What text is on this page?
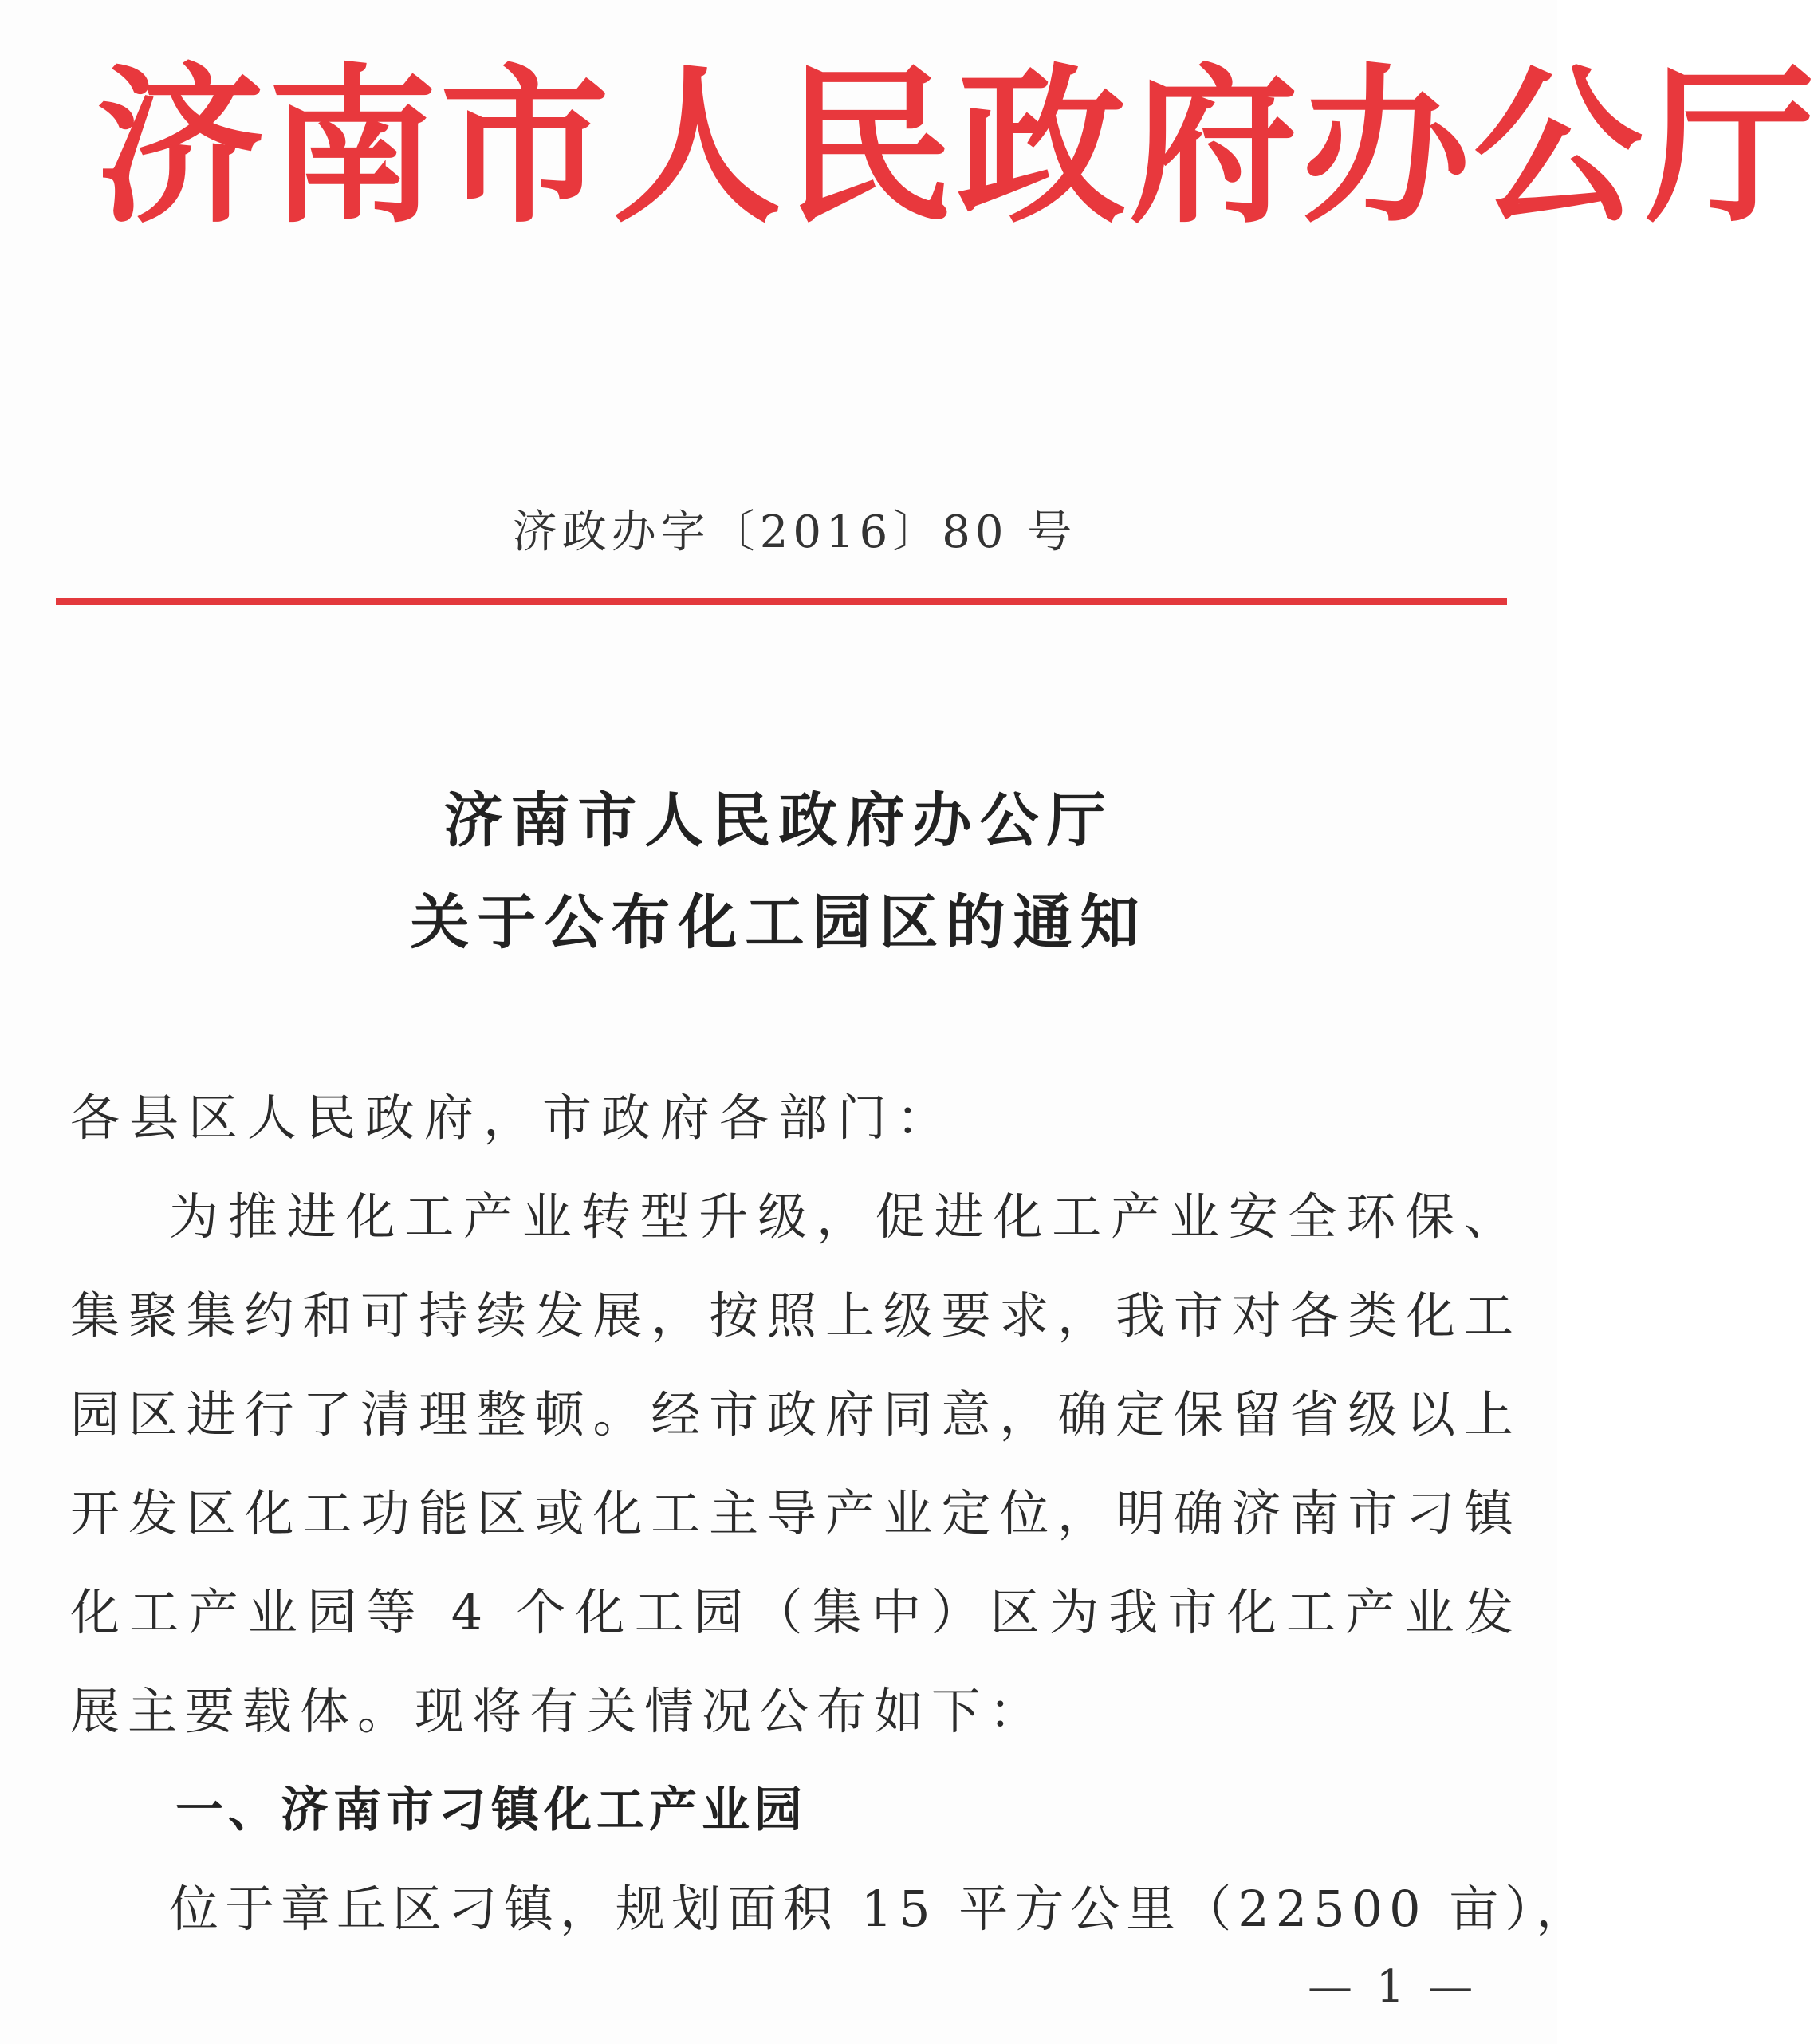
济南市人民政府办公厅
济政办字〔2016〕80 号
济南市人民政府办公厅
关于公布化工园区的通知
各县区人民政府，市政府各部门：
为推进化工产业转型升级，促进化工产业安全环保、集聚集约和可持续发展，按照上级要求，我市对各类化工园区进行了清理整顿。经市政府同意，确定保留省级以上开发区化工功能区或化工主导产业定位，明确济南市刁镇化工产业园等 4 个化工园（集中）区为我市化工产业发展主要载体。现将有关情况公布如下：
一、济南市刁镇化工产业园
位于章丘区刁镇，规划面积 15 平方公里（22500 亩），
— 1 —
